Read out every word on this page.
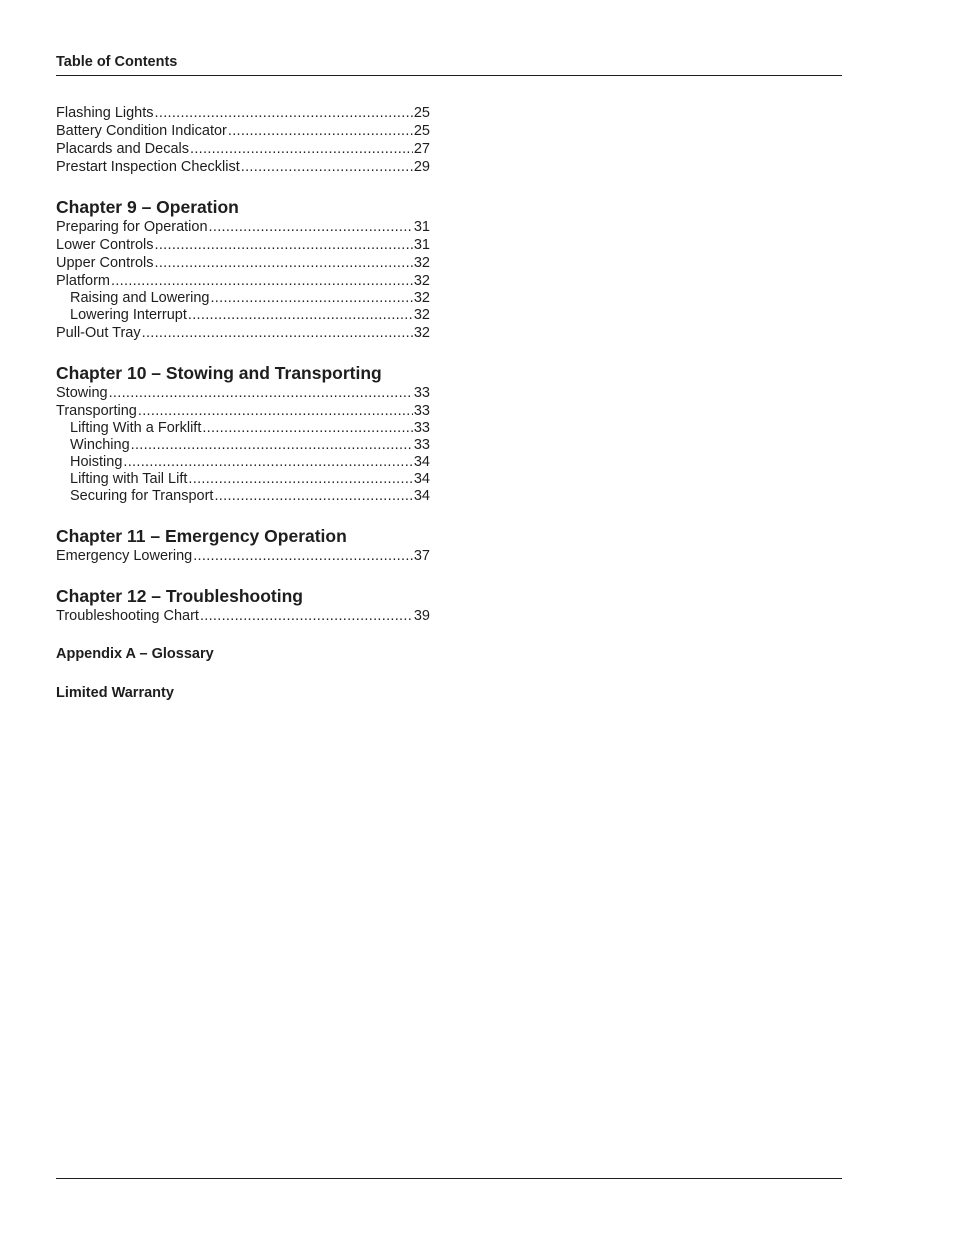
Table of Contents
Flashing Lights .....	25
Battery Condition Indicator .....	25
Placards and Decals .....	27
Prestart Inspection Checklist .....	29
Chapter 9 – Operation
Preparing for Operation .....	31
Lower Controls .....	31
Upper Controls .....	32
Platform .....	32
Raising and Lowering .....	32
Lowering Interrupt .....	32
Pull-Out Tray .....	32
Chapter 10 – Stowing and Transporting
Stowing .....	33
Transporting .....	33
Lifting With a Forklift .....	33
Winching .....	33
Hoisting .....	34
Lifting with Tail Lift .....	34
Securing for Transport .....	34
Chapter 11 – Emergency Operation
Emergency Lowering .....	37
Chapter 12 – Troubleshooting
Troubleshooting Chart .....	39
Appendix A – Glossary
Limited Warranty
